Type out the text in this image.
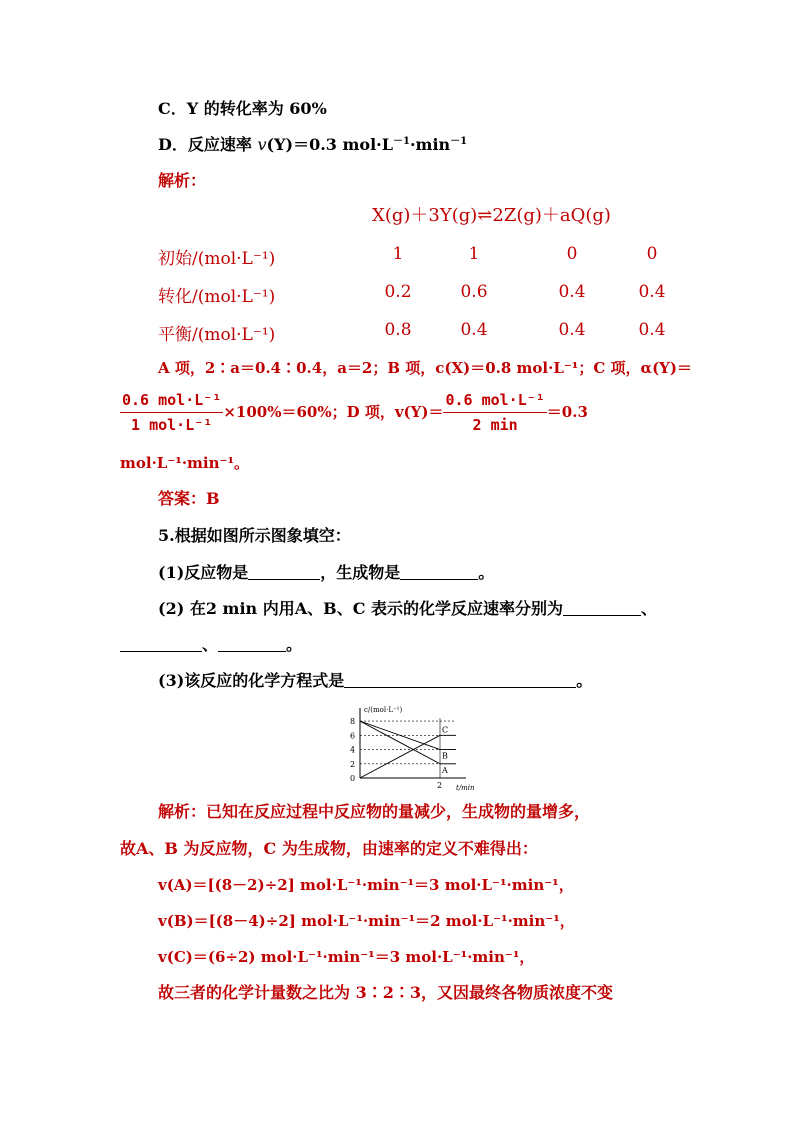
C．Y 的转化率为 60%
D．反应速率 v(Y)＝0.3 $mol\cdot L^{-1}\cdot\min^{-1}$
解析：
X(g)＋3Y(g)⇌2Z(g)＋aQ(g)
初始/(mol·L⁻¹)	1	1	0	0
转化/(mol·L⁻¹)	0.2	0.6	0.4	0.4
平衡/(mol·L⁻¹)	0.8	0.4	0.4	0.4
A 项，2∶a＝0.4∶0.4，a＝2；B 项，c(X)＝0.8 mol·L⁻¹；C 项，α(Y)＝
$\frac{\text{0.6 mol·L⁻¹}}{\text{1 mol·L⁻¹}} \times 100\%=60\%$；D 项，$v(Y)= \frac{\text{0.6 mol·L⁻¹}}{2 \min} =0.3$
mol·L⁻¹·min⁻¹。
答案：B
5.根据如图所示图象填空：
(1)反应物是	，生成物是	。
(2) 在2 min 内用A、B、C 表示的化学反应速率分别为	、
、	。
(3)该反应的化学方程式是	。
c/(mol·L⁻¹)
t/min
8
6
4
2
0
2
A
B
C
解析：已知在反应过程中反应物的量减少，生成物的量增多，
故A、B 为反应物，C 为生成物，由速率的定义不难得出：
v(A)＝[(8－2)÷2] mol·L⁻¹·min⁻¹＝3 mol·L⁻¹·min⁻¹，
v(B)＝[(8－4)÷2] mol·L⁻¹·min⁻¹＝2 mol·L⁻¹·min⁻¹，
v(C)＝(6÷2) mol·L⁻¹·min⁻¹＝3 mol·L⁻¹·min⁻¹，
故三者的化学计量数之比为 3∶2∶3，又因最终各物质浓度不变
